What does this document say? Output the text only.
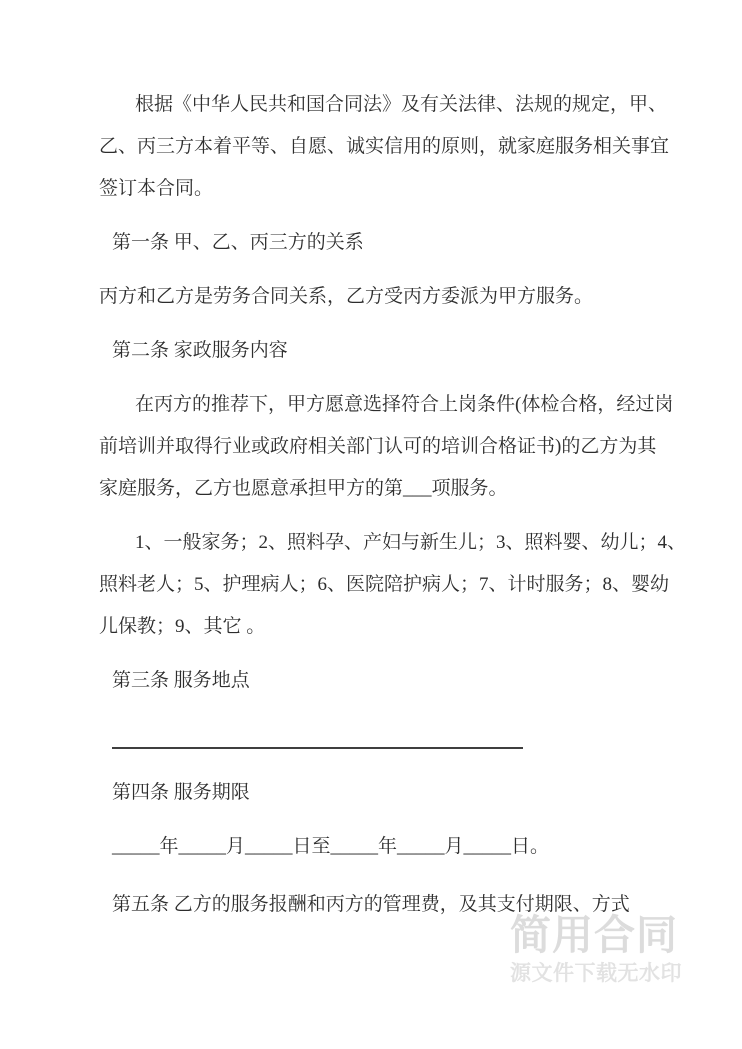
根据《中华人民共和国合同法》及有关法律、法规的规定，甲、
乙、丙三方本着平等、自愿、诚实信用的原则，就家庭服务相关事宜
签订本合同。
第一条 甲、乙、丙三方的关系
丙方和乙方是劳务合同关系，乙方受丙方委派为甲方服务。
第二条 家政服务内容
在丙方的推荐下，甲方愿意选择符合上岗条件(体检合格，经过岗
前培训并取得行业或政府相关部门认可的培训合格证书)的乙方为其
家庭服务，乙方也愿意承担甲方的第___项服务。
1、一般家务；2、照料孕、产妇与新生儿；3、照料婴、幼儿；4、
照料老人；5、护理病人；6、医院陪护病人；7、计时服务；8、婴幼
儿保教；9、其它 。
第三条 服务地点
第四条 服务期限
_____年_____月_____日至_____年_____月_____日。
第五条 乙方的服务报酬和丙方的管理费，及其支付期限、方式
简用合同
源文件下载无水印
